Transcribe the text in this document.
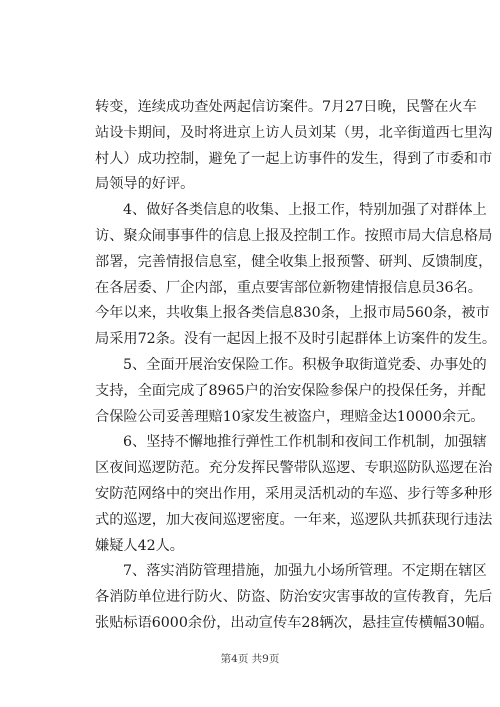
转变，连续成功查处两起信访案件。7月27日晚，民警在火车
站设卡期间，及时将进京上访人员刘某（男，北辛街道西七里沟
村人）成功控制，避免了一起上访事件的发生，得到了市委和市
局领导的好评。
4、做好各类信息的收集、上报工作，特别加强了对群体上
访、聚众闹事事件的信息上报及控制工作。按照市局大信息格局
部署，完善情报信息室，健全收集上报预警、研判、反馈制度，
在各居委、厂企内部，重点要害部位新物建情报信息员36名。
今年以来，共收集上报各类信息830条，上报市局560条，被市
局采用72条。没有一起因上报不及时引起群体上访案件的发生。
5、全面开展治安保险工作。积极争取街道党委、办事处的
支持，全面完成了8965户的治安保险参保户的投保任务，并配
合保险公司妥善理赔10家发生被盗户，理赔金达10000余元。
6、坚持不懈地推行弹性工作机制和夜间工作机制，加强辖
区夜间巡逻防范。充分发挥民警带队巡逻、专职巡防队巡逻在治
安防范网络中的突出作用，采用灵活机动的车巡、步行等多种形
式的巡逻，加大夜间巡逻密度。一年来，巡逻队共抓获现行违法
嫌疑人42人。
7、落实消防管理措施，加强九小场所管理。不定期在辖区
各消防单位进行防火、防盗、防治安灾害事故的宣传教育，先后
张贴标语6000余份，出动宣传车28辆次，悬挂宣传横幅30幅。
第4页 共9页
